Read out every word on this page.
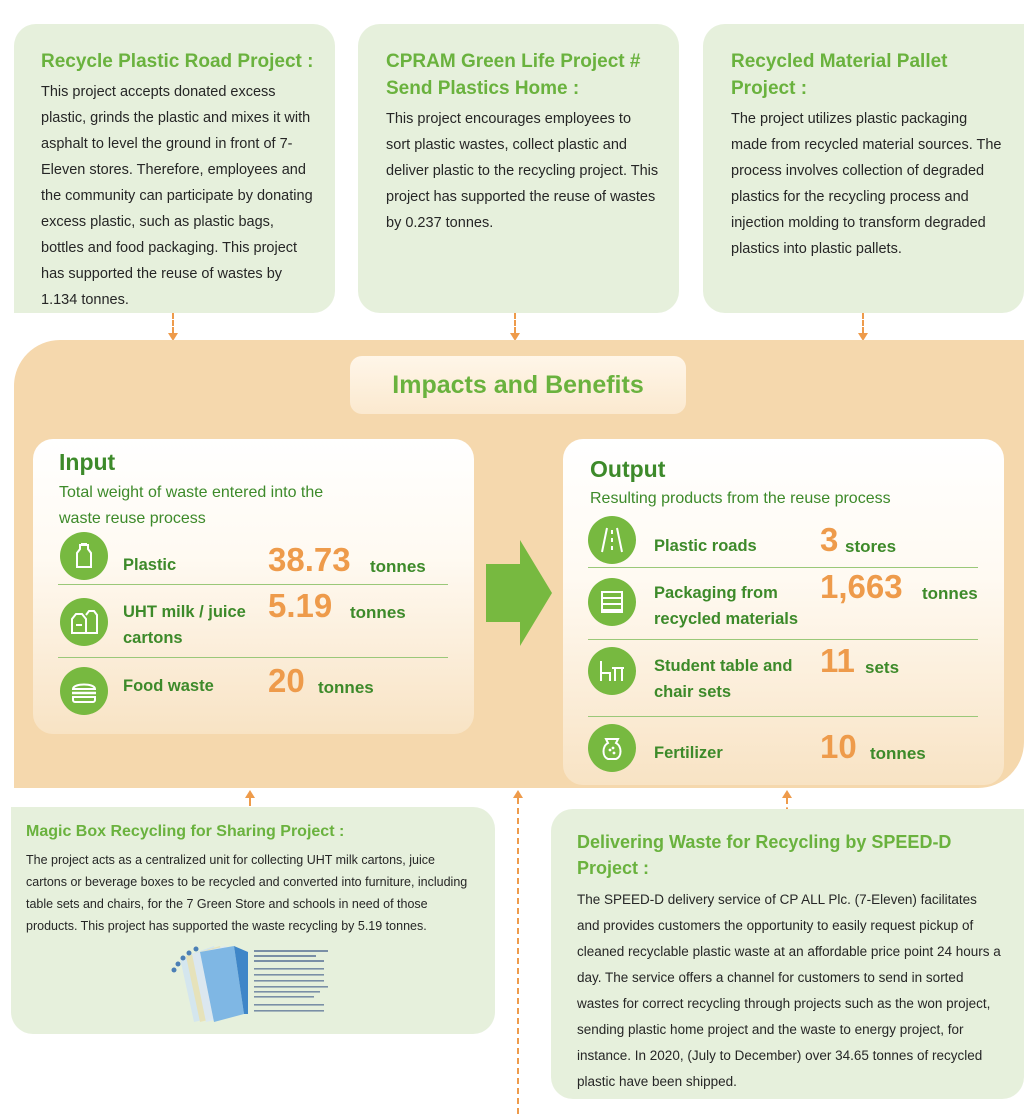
Recycle Plastic Road Project :

This project accepts donated excess plastic, grinds the plastic and mixes it with asphalt to level the ground in front of 7-Eleven stores. Therefore, employees and the community can participate by donating excess plastic, such as plastic bags, bottles and food packaging. This project has supported the reuse of wastes by 1.134 tonnes.

CPRAM Green Life Project # Send Plastics Home :

This project encourages employees to sort plastic wastes, collect plastic and deliver plastic to the recycling project. This project has supported the reuse of wastes by 0.237 tonnes.

Recycled Material Pallet Project :

The project utilizes plastic packaging made from recycled material sources. The process involves collection of degraded plastics for the recycling process and injection molding to transform degraded plastics into plastic pallets.

Impacts and Benefits

Input

Total weight of waste entered into the waste reuse process

Plastic	38.73 tonnes
UHT milk / juice cartons
5.19 tonnes
Food waste 20 tonnes

Output

Resulting products from the reuse process

Plastic roads 3 stores
Packaging from recycled materials
1,663 tonnes
Student table and chair sets
11 sets
Fertilizer	10 tonnes

Magic Box Recycling for Sharing Project :

The project acts as a centralized unit for collecting UHT milk cartons, juice cartons or beverage boxes to be recycled and converted into furniture, including table sets and chairs, for the 7 Green Store and schools in need of those products. This project has supported the waste recycling by 5.19 tonnes.

Delivering Waste for Recycling by SPEED-D Project :

The SPEED-D delivery service of CP ALL Plc. (7-Eleven) facilitates and provides customers the opportunity to easily request pickup of cleaned recyclable plastic waste at an affordable price point 24 hours a day. The service offers a channel for customers to send in sorted wastes for correct recycling through projects such as the won project, sending plastic home project and the waste to energy project, for instance. In 2020, (July to December) over 34.65 tonnes of recycled plastic have been shipped.
